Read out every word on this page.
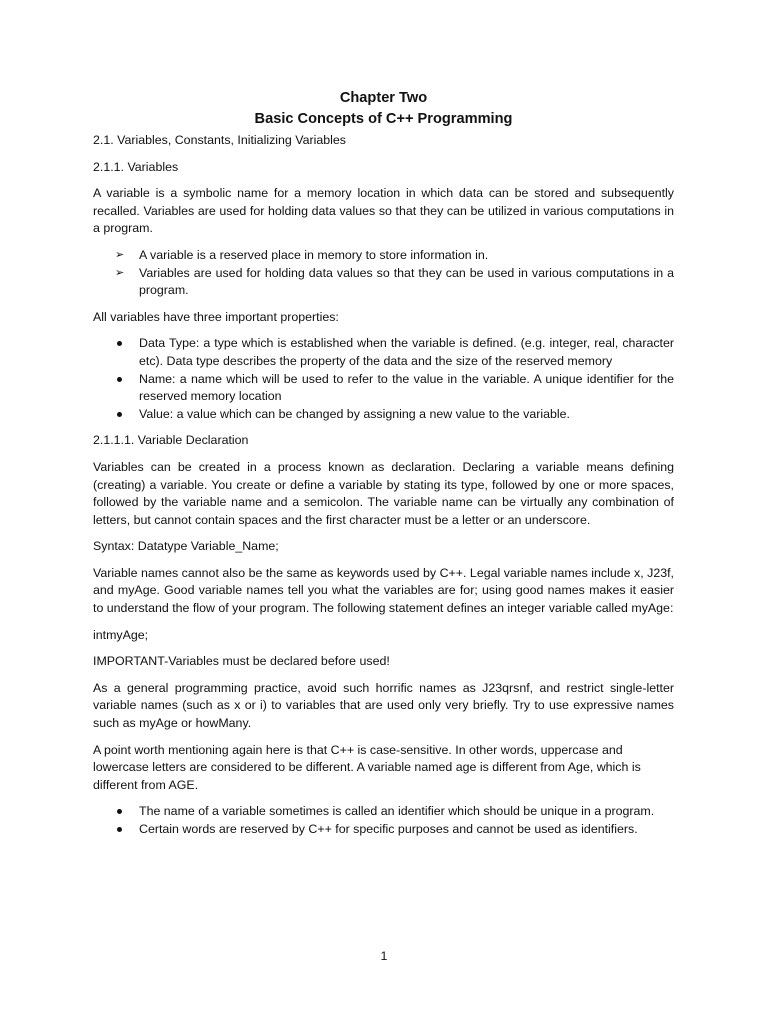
Chapter Two

Basic Concepts of C++ Programming

2.1. Variables, Constants, Initializing Variables

2.1.1. Variables

A variable is a symbolic name for a memory location in which data can be stored and subsequently recalled. Variables are used for holding data values so that they can be utilized in various computations in a program.

➢ A variable is a reserved place in memory to store information in.
➢ Variables are used for holding data values so that they can be used in various computations in a program.

All variables have three important properties:

Data Type: a type which is established when the variable is defined. (e.g. integer, real, character etc). Data type describes the property of the data and the size of the reserved memory
Name: a name which will be used to refer to the value in the variable. A unique identifier for the reserved memory location
Value: a value which can be changed by assigning a new value to the variable.

2.1.1.1. Variable Declaration

Variables can be created in a process known as declaration. Declaring a variable means defining (creating) a variable. You create or define a variable by stating its type, followed by one or more spaces, followed by the variable name and a semicolon. The variable name can be virtually any combination of letters, but cannot contain spaces and the first character must be a letter or an underscore.

Syntax: Datatype Variable_Name;

Variable names cannot also be the same as keywords used by C++. Legal variable names include x, J23f, and myAge. Good variable names tell you what the variables are for; using good names makes it easier to understand the flow of your program. The following statement defines an integer variable called myAge:

intmyAge;

IMPORTANT-Variables must be declared before used!

As a general programming practice, avoid such horrific names as J23qrsnf, and restrict single-letter variable names (such as x or i) to variables that are used only very briefly. Try to use expressive names such as myAge or howMany.

A point worth mentioning again here is that C++ is case-sensitive. In other words, uppercase and lowercase letters are considered to be different. A variable named age is different from Age, which is different from AGE.

The name of a variable sometimes is called an identifier which should be unique in a program.
Certain words are reserved by C++ for specific purposes and cannot be used as identifiers.
1
